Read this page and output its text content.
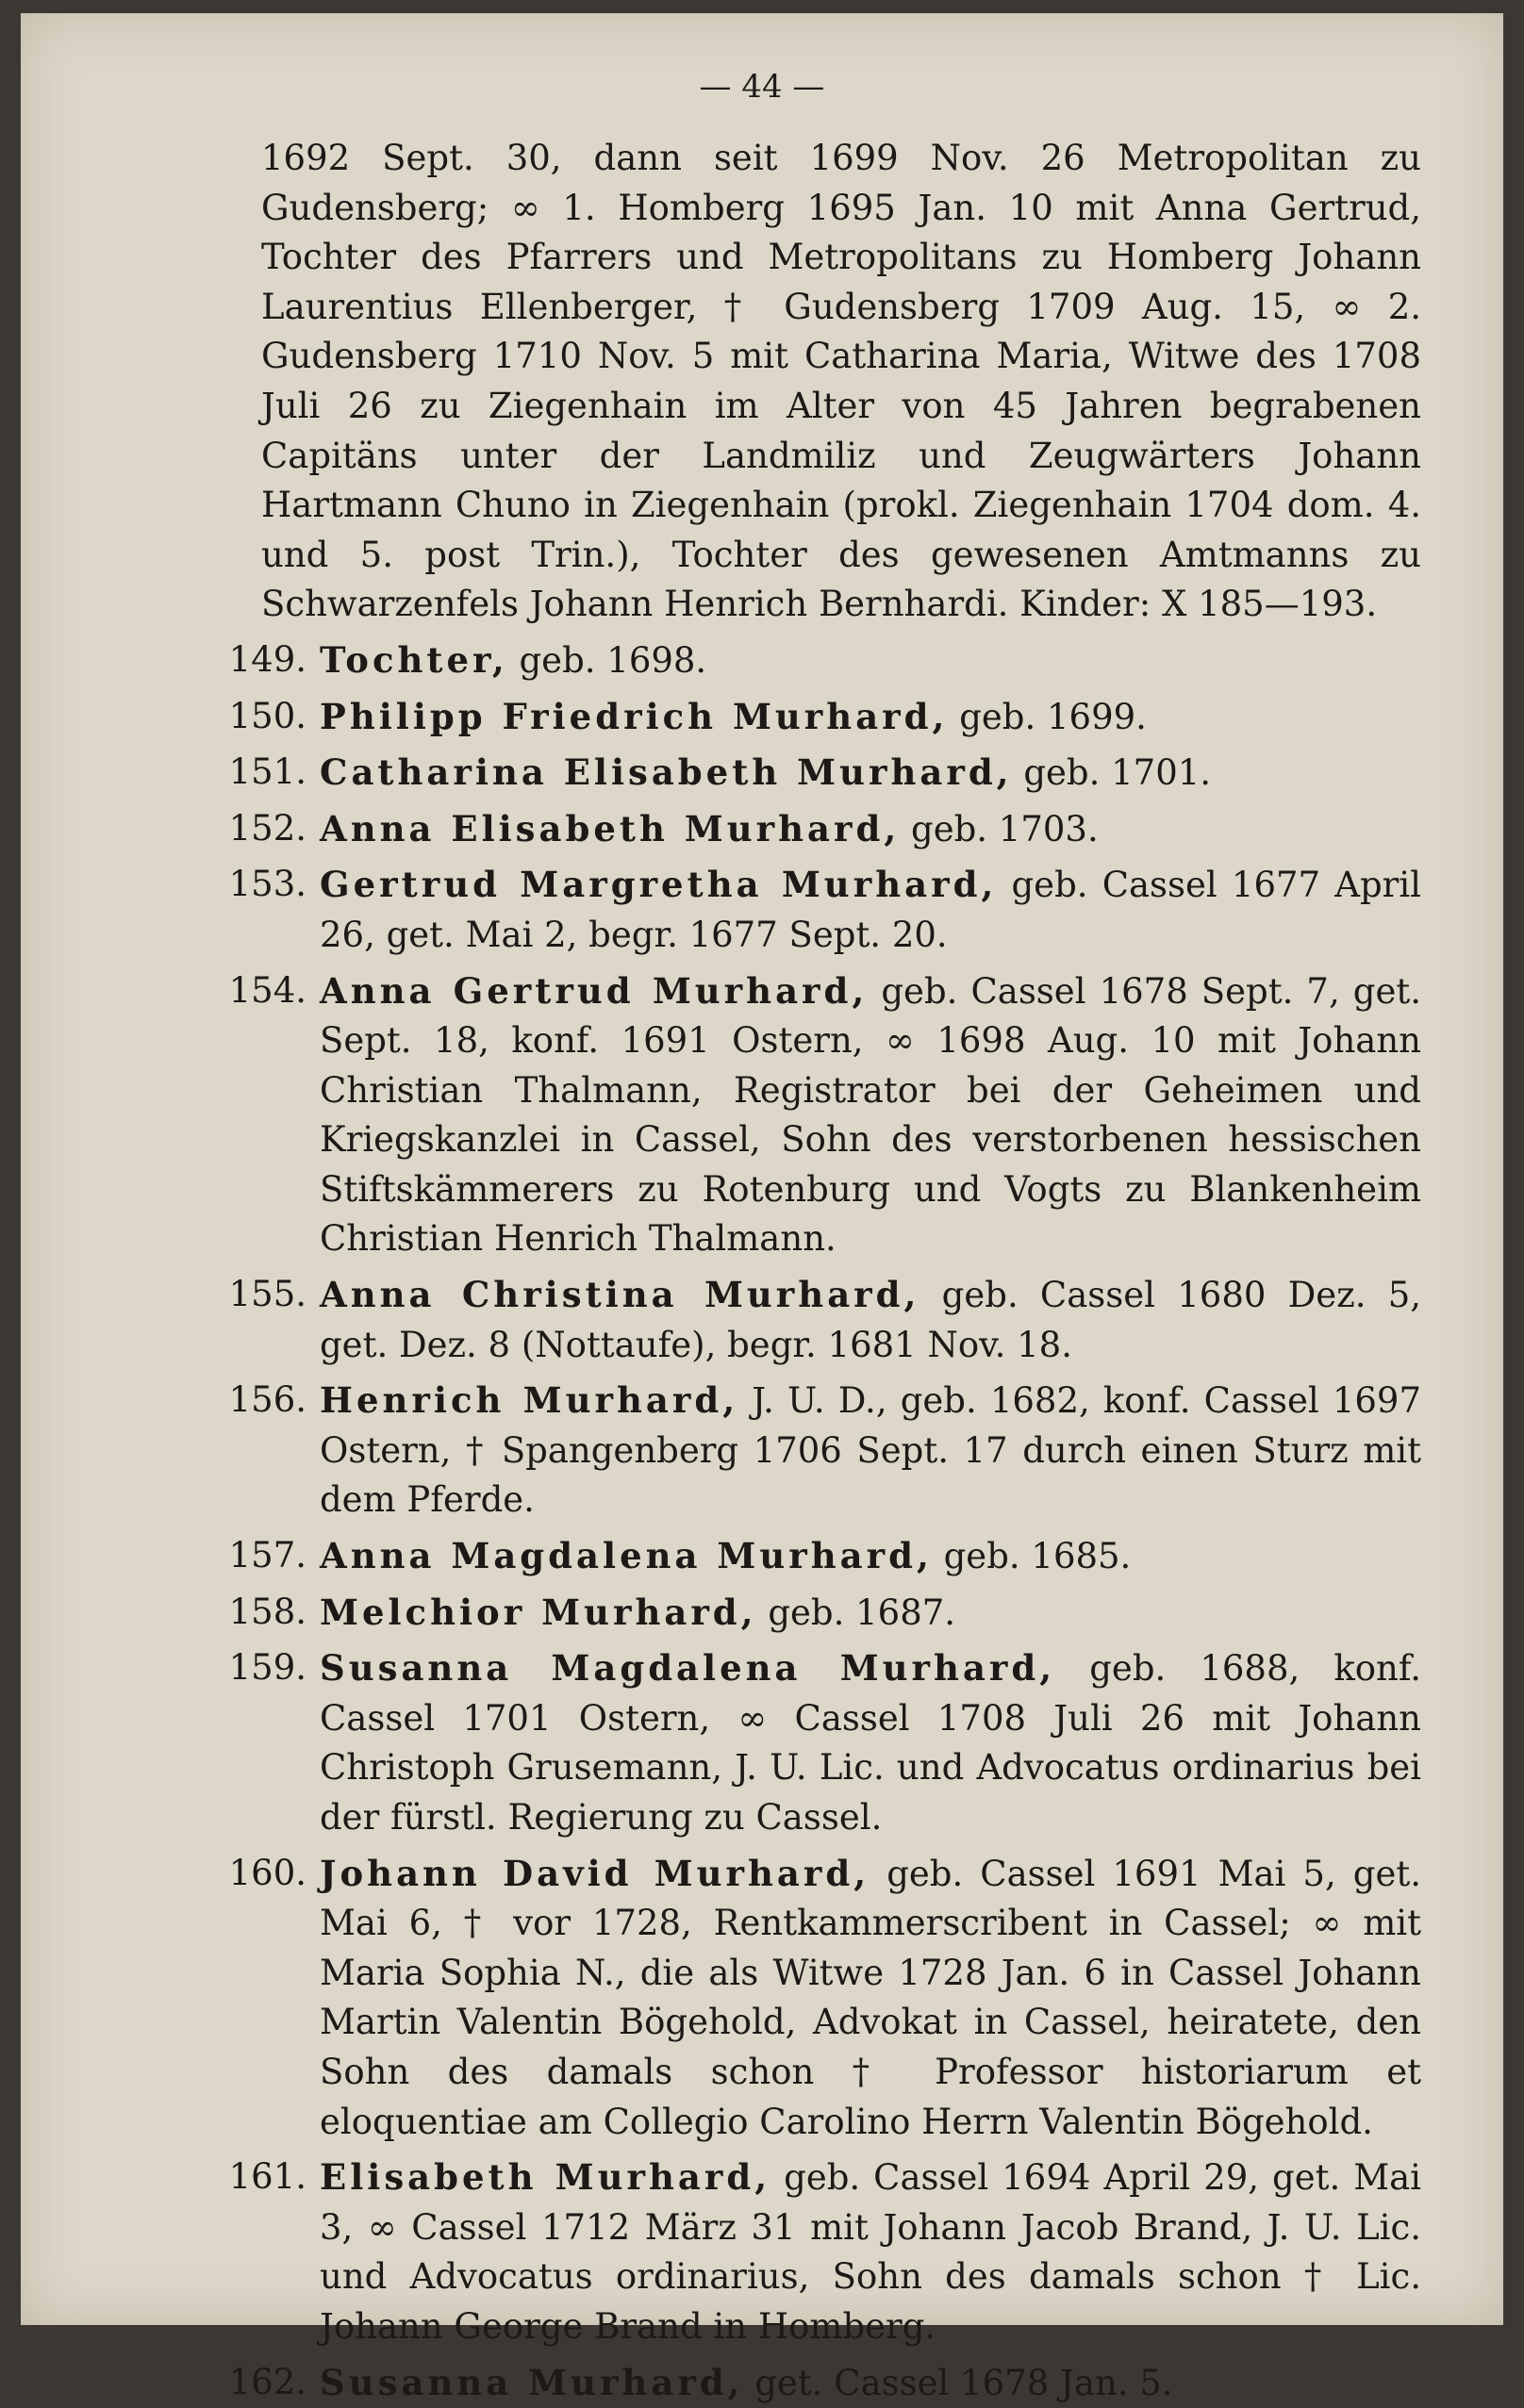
— 44 —
1692 Sept. 30, dann seit 1699 Nov. 26 Metropolitan zu Gudensberg; ∞ 1. Homberg 1695 Jan. 10 mit Anna Gertrud, Tochter des Pfarrers und Metropolitans zu Homberg Johann Laurentius Ellenberger, † Gudensberg 1709 Aug. 15, ∞ 2. Gudensberg 1710 Nov. 5 mit Catharina Maria, Witwe des 1708 Juli 26 zu Ziegenhain im Alter von 45 Jahren begrabenen Capitäns unter der Landmiliz und Zeugwärters Johann Hartmann Chuno in Ziegenhain (prokl. Ziegenhain 1704 dom. 4. und 5. post Trin.), Tochter des gewesenen Amtmanns zu Schwarzenfels Johann Henrich Bernhardi. Kinder: X 185—193.
149. Tochter, geb. 1698.
150. Philipp Friedrich Murhard, geb. 1699.
151. Catharina Elisabeth Murhard, geb. 1701.
152. Anna Elisabeth Murhard, geb. 1703.
153. Gertrud Margretha Murhard, geb. Cassel 1677 April 26, get. Mai 2, begr. 1677 Sept. 20.
154. Anna Gertrud Murhard, geb. Cassel 1678 Sept. 7, get. Sept. 18, konf. 1691 Ostern, ∞ 1698 Aug. 10 mit Johann Christian Thalmann, Registrator bei der Geheimen und Kriegskanzlei in Cassel, Sohn des verstorbenen hessischen Stiftskämmerers zu Rotenburg und Vogts zu Blankenheim Christian Henrich Thalmann.
155. Anna Christina Murhard, geb. Cassel 1680 Dez. 5, get. Dez. 8 (Nottaufe), begr. 1681 Nov. 18.
156. Henrich Murhard, J. U. D., geb. 1682, konf. Cassel 1697 Ostern, † Spangenberg 1706 Sept. 17 durch einen Sturz mit dem Pferde.
157. Anna Magdalena Murhard, geb. 1685.
158. Melchior Murhard, geb. 1687.
159. Susanna Magdalena Murhard, geb. 1688, konf. Cassel 1701 Ostern, ∞ Cassel 1708 Juli 26 mit Johann Christoph Grusemann, J. U. Lic. und Advocatus ordinarius bei der fürstl. Regierung zu Cassel.
160. Johann David Murhard, geb. Cassel 1691 Mai 5, get. Mai 6, † vor 1728, Rentkammerscribent in Cassel; ∞ mit Maria Sophia N., die als Witwe 1728 Jan. 6 in Cassel Johann Martin Valentin Bögehold, Advokat in Cassel, heiratete, den Sohn des damals schon † Professor historiarum et eloquentiae am Collegio Carolino Herrn Valentin Bögehold.
161. Elisabeth Murhard, geb. Cassel 1694 April 29, get. Mai 3, ∞ Cassel 1712 März 31 mit Johann Jacob Brand, J. U. Lic. und Advocatus ordinarius, Sohn des damals schon † Lic. Johann George Brand in Homberg.
162. Susanna Murhard, get. Cassel 1678 Jan. 5.
